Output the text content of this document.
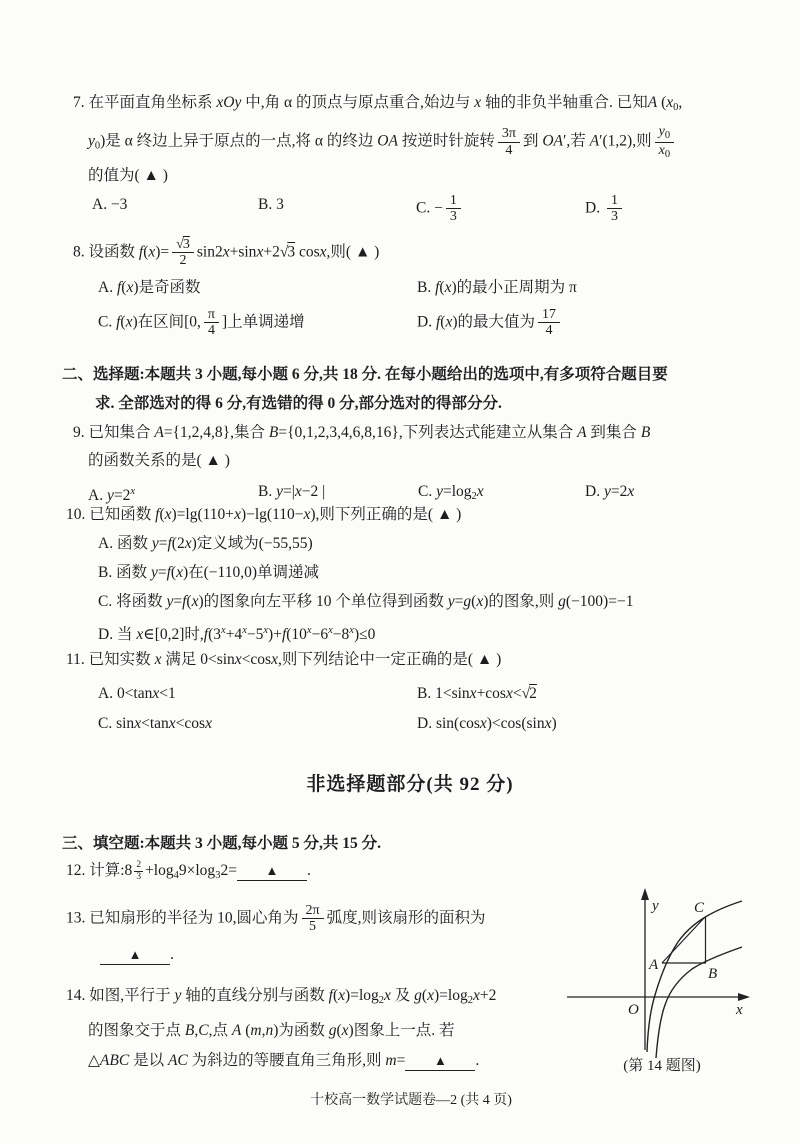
7. 在平面直角坐标系 xOy 中,角 α 的顶点与原点重合,始边与 x 轴的非负半轴重合. 已知A (x0,
y0)是 α 终边上异于原点的一点,将 α 的终边 OA 按逆时针旋转 $\frac{3\pi}{4}$ 到 OA′,若 A′(1,2),则 $\frac{y_0}{x_0}$
的值为( ▲ )
A. −3	B. 3	C. − $\frac{1}{3}$	D. $\frac{1}{3}$
8. 设函数 $f(x)= \frac{√3}{2} \sin 2x+\sin x+2√3$ cosx,则( ▲ )
A. f(x)是奇函数	B. f(x)的最小正周期为 π
C. f(x)在区间[0, $\frac{\pi}{4}$ ]上单调递增	D. f(x)的最大值为 $\frac{17}{4}$
二、选择题:本题共 3 小题,每小题 6 分,共 18 分. 在每小题给出的选项中,有多项符合题目要
求. 全部选对的得 6 分,有选错的得 0 分,部分选对的得部分分.
9. 已知集合 A={1,2,4,8},集合 B={0,1,2,3,4,6,8,16},下列表达式能建立从集合 A 到集合 B
的函数关系的是( ▲ )
A. $y=2^x$	B. y=|x−2 |	C. y=log2x	D. y=2x
10. 已知函数 f(x)=lg(110+x)−lg(110−x),则下列正确的是( ▲ )
A. 函数 y=f(2x)定义域为(−55,55)
B. 函数 y=f(x)在(−110,0)单调递减
C. 将函数 y=f(x)的图象向左平移 10 个单位得到函数 y=g(x)的图象,则 g(−100)=−1
D. 当 x∈[0,2]时$,f(3^x+4^x-5^x)+f(10^x-6^x-8^x)\le 0$
11. 已知实数 x 满足 0<sinx<cosx,则下列结论中一定正确的是( ▲ )
A. 0<tanx<1	B. 1<sinx+cosx<√2
C. sinx<tanx<cosx	D. sin(cosx)<cos(sinx)
非选择题部分(共 92 分)
三、填空题:本题共 3 小题,每小题 5 分,共 15 分.
12. 计算:8 $\frac{2}{3} +\log 49\times\log 32=$ ▲ .
13. 已知扇形的半径为 10,圆心角为 $\frac{2\pi}{5}$ 弧度,则该扇形的面积为
▲ .
14. 如图,平行于 y 轴的直线分别与函数 f(x)=log2x 及 g(x)=log2x+2
的图象交于点 B,C,点 A (m,n)为函数 g(x)图象上一点. 若
△ABC 是以 AC 为斜边的等腰直角三角形,则 m= ▲ .
y
x
O
A
B
C
(第 14 题图)
十校高一数学试题卷—2 (共 4 页)
